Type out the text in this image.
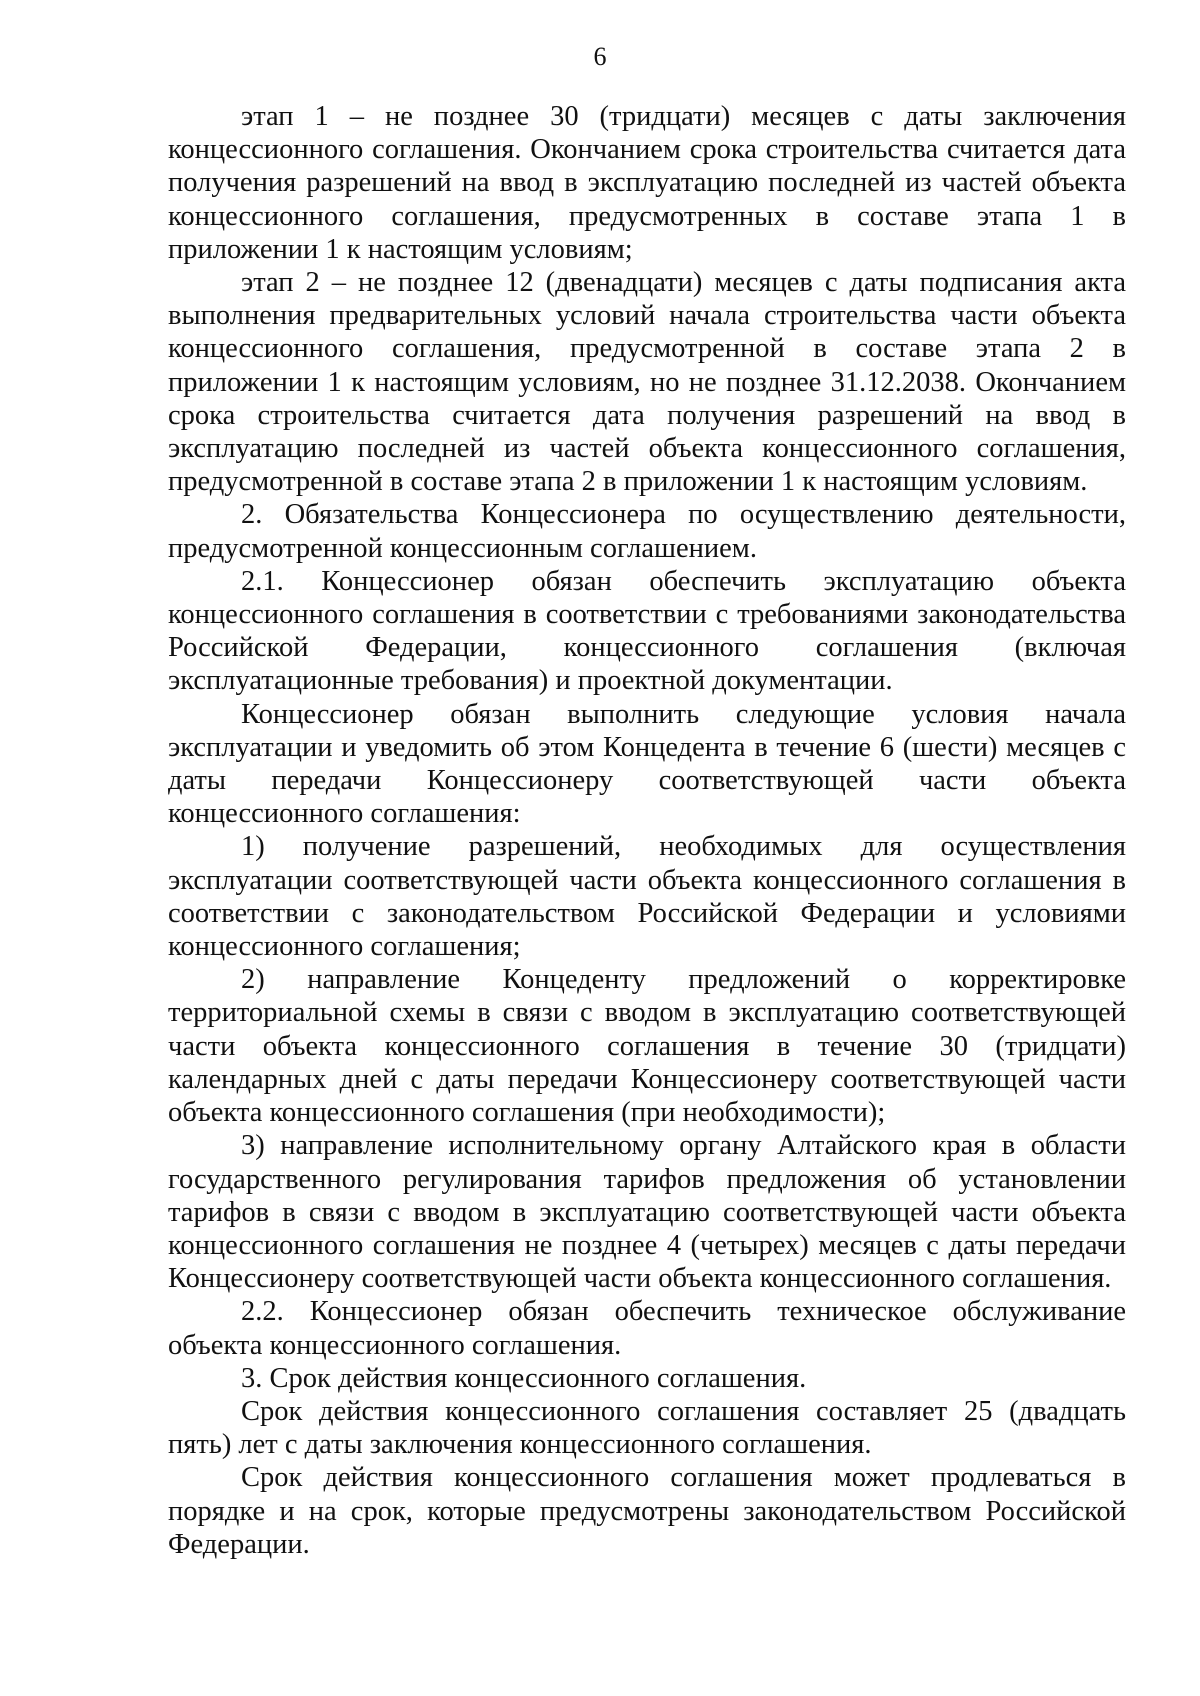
6

этап 1 – не позднее 30 (тридцати) месяцев с даты заключения концессионного соглашения. Окончанием срока строительства считается дата получения разрешений на ввод в эксплуатацию последней из частей объекта концессионного соглашения, предусмотренных в составе этапа 1 в приложении 1 к настоящим условиям;

этап 2 – не позднее 12 (двенадцати) месяцев с даты подписания акта выполнения предварительных условий начала строительства части объекта концессионного соглашения, предусмотренной в составе этапа 2 в приложении 1 к настоящим условиям, но не позднее 31.12.2038. Окончанием срока строительства считается дата получения разрешений на ввод в эксплуатацию последней из частей объекта концессионного соглашения, предусмотренной в составе этапа 2 в приложении 1 к настоящим условиям.

2. Обязательства Концессионера по осуществлению деятельности, предусмотренной концессионным соглашением.

2.1. Концессионер обязан обеспечить эксплуатацию объекта концессионного соглашения в соответствии с требованиями законодательства Российской Федерации, концессионного соглашения (включая эксплуатационные требования) и проектной документации.

Концессионер обязан выполнить следующие условия начала эксплуатации и уведомить об этом Концедента в течение 6 (шести) месяцев с даты передачи Концессионеру соответствующей части объекта концессионного соглашения:

1) получение разрешений, необходимых для осуществления эксплуатации соответствующей части объекта концессионного соглашения в соответствии с законодательством Российской Федерации и условиями концессионного соглашения;

2) направление Концеденту предложений о корректировке территориальной схемы в связи с вводом в эксплуатацию соответствующей части объекта концессионного соглашения в течение 30 (тридцати) календарных дней с даты передачи Концессионеру соответствующей части объекта концессионного соглашения (при необходимости);

3) направление исполнительному органу Алтайского края в области государственного регулирования тарифов предложения об установлении тарифов в связи с вводом в эксплуатацию соответствующей части объекта концессионного соглашения не позднее 4 (четырех) месяцев с даты передачи Концессионеру соответствующей части объекта концессионного соглашения.

2.2. Концессионер обязан обеспечить техническое обслуживание объекта концессионного соглашения.

3. Срок действия концессионного соглашения.

Срок действия концессионного соглашения составляет 25 (двадцать пять) лет с даты заключения концессионного соглашения.

Срок действия концессионного соглашения может продлеваться в порядке и на срок, которые предусмотрены законодательством Российской Федерации.
